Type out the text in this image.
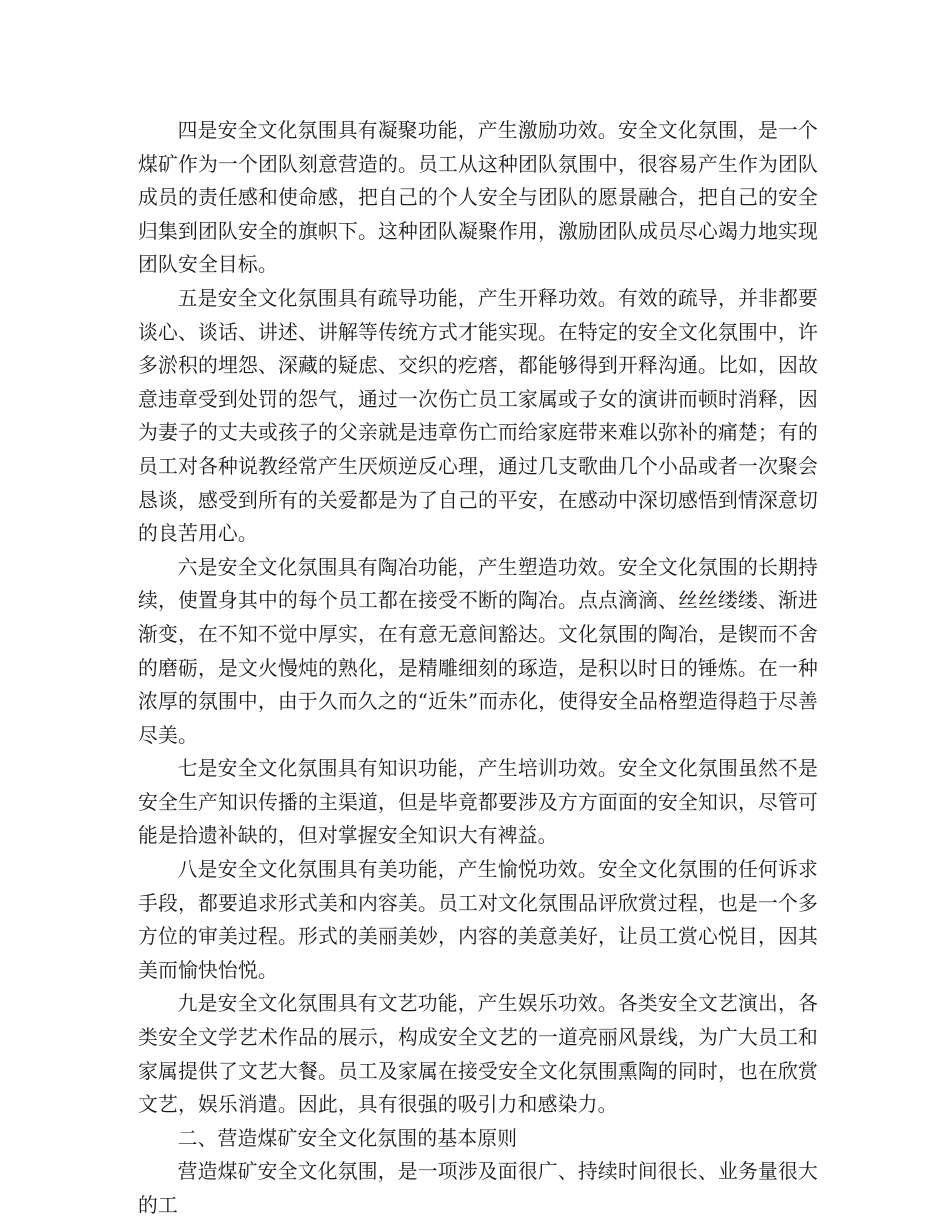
四是安全文化氛围具有凝聚功能，产生激励功效。安全文化氛围，是一个煤矿作为一个团队刻意营造的。员工从这种团队氛围中，很容易产生作为团队成员的责任感和使命感，把自己的个人安全与团队的愿景融合，把自己的安全归集到团队安全的旗帜下。这种团队凝聚作用，激励团队成员尽心竭力地实现团队安全目标。

五是安全文化氛围具有疏导功能，产生开释功效。有效的疏导，并非都要谈心、谈话、讲述、讲解等传统方式才能实现。在特定的安全文化氛围中，许多淤积的埋怨、深藏的疑虑、交织的疙瘩，都能够得到开释沟通。比如，因故意违章受到处罚的怨气，通过一次伤亡员工家属或子女的演讲而顿时消释，因为妻子的丈夫或孩子的父亲就是违章伤亡而给家庭带来难以弥补的痛楚；有的员工对各种说教经常产生厌烦逆反心理，通过几支歌曲几个小品或者一次聚会恳谈，感受到所有的关爱都是为了自己的平安，在感动中深切感悟到情深意切的良苦用心。

六是安全文化氛围具有陶冶功能，产生塑造功效。安全文化氛围的长期持续，使置身其中的每个员工都在接受不断的陶冶。点点滴滴、丝丝缕缕、渐进渐变，在不知不觉中厚实，在有意无意间豁达。文化氛围的陶冶，是锲而不舍的磨砺，是文火慢炖的熟化，是精雕细刻的琢造，是积以时日的锤炼。在一种浓厚的氛围中，由于久而久之的“近朱”而赤化，使得安全品格塑造得趋于尽善尽美。

七是安全文化氛围具有知识功能，产生培训功效。安全文化氛围虽然不是安全生产知识传播的主渠道，但是毕竟都要涉及方方面面的安全知识，尽管可能是拾遗补缺的，但对掌握安全知识大有裨益。

八是安全文化氛围具有美功能，产生愉悦功效。安全文化氛围的任何诉求手段，都要追求形式美和内容美。员工对文化氛围品评欣赏过程，也是一个多方位的审美过程。形式的美丽美妙，内容的美意美好，让员工赏心悦目，因其美而愉快怡悦。

九是安全文化氛围具有文艺功能，产生娱乐功效。各类安全文艺演出，各类安全文学艺术作品的展示，构成安全文艺的一道亮丽风景线，为广大员工和家属提供了文艺大餐。员工及家属在接受安全文化氛围熏陶的同时，也在欣赏文艺，娱乐消遣。因此，具有很强的吸引力和感染力。

二、营造煤矿安全文化氛围的基本原则

营造煤矿安全文化氛围，是一项涉及面很广、持续时间很长、业务量很大的工
